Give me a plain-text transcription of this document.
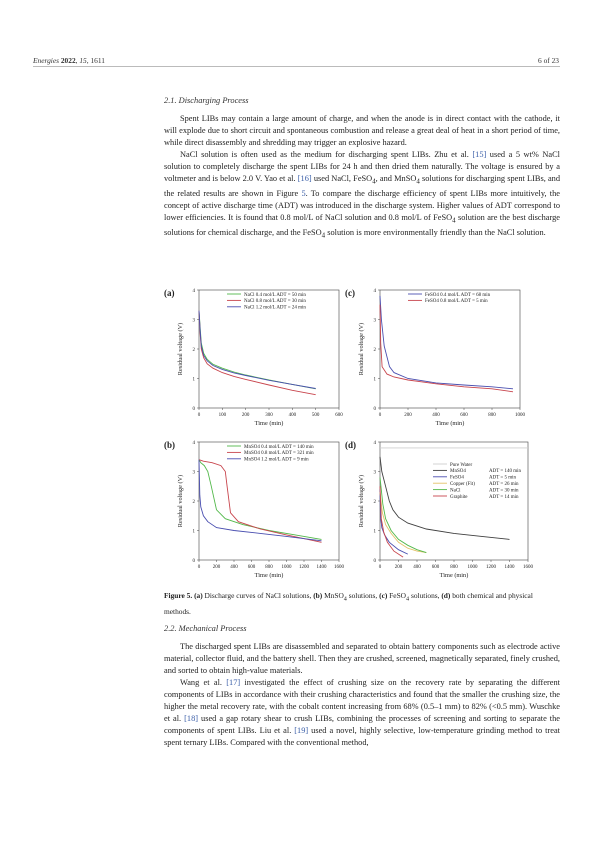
Energies 2022, 15, 1611	6 of 23
2.1. Discharging Process

Spent LIBs may contain a large amount of charge, and when the anode is in direct contact with the cathode, it will explode due to short circuit and spontaneous combustion and release a great deal of heat in a short period of time, while direct disassembly and shredding may trigger an explosive hazard.

NaCl solution is often used as the medium for discharging spent LIBs. Zhu et al. [15] used a 5 wt% NaCl solution to completely discharge the spent LIBs for 24 h and then dried them naturally. The voltage is ensured by a voltmeter and is below 2.0 V. Yao et al. [16] used NaCl, FeSO$_4$, and MnSO$_4$ solutions for discharging spent LIBs, and the related results are shown in Figure 5. To compare the discharge efficiency of spent LIBs more intuitively, the concept of active discharge time (ADT) was introduced in the discharge system. Higher values of ADT correspond to lower efficiencies. It is found that 0.8 mol/L of NaCl solution and 0.8 mol/L of FeSO$_4$ solution are the best discharge solutions for chemical discharge, and the FeSO$_4$ solution is more environmentally friendly than the NaCl solution.

(a)
0	100	200	300	400	500	600
0
1
2
3
4
Time (min)
Residual voltage (V)
NaCl 0.4 mol/L ADT = 50 min
NaCl 0.8 mol/L ADT = 30 min
NaCl 1.2 mol/L ADT = 24 min
(b)
0	200 400 600 800 1000 1200 1400 1600
0
1
2
3
4
Time (min)
Residual voltage (V)
MnSO4 0.4 mol/L ADT = 140 min
MnSO4 0.8 mol/L ADT = 321 min
MnSO4 1.2 mol/L ADT = 9 min
(c)
0	200	400	600	800	1000
0
1
2
3
4
Time (min)
Residual voltage (V)
FeSO4 0.4 mol/L ADT = 68 min
FeSO4 0.8 mol/L ADT = 5 min
(d)
0	200 400 600 800 1000 1200 1400 1600
0
1
2
3
4
Time (min)
Residual voltage (V)
Pure Water
MnSO4	ADT = 140 min
FeSO4	ADT = 5 min
Copper (Fit)	ADT = 26 min
NaCl	ADT = 30 min
Graphite	ADT = 14 min
Figure 5. (a) Discharge curves of NaCl solutions, (b) MnSO$_4$ solutions, (c) FeSO$_4$ solutions, (d) both chemical and physical methods.
2.2. Mechanical Process

The discharged spent LIBs are disassembled and separated to obtain battery components such as electrode active material, collector fluid, and the battery shell. Then they are crushed, screened, magnetically separated, finely crushed, and sorted to obtain high-value materials.

Wang et al. [17] investigated the effect of crushing size on the recovery rate by separating the different components of LIBs in accordance with their crushing characteristics and found that the smaller the crushing size, the higher the metal recovery rate, with the cobalt content increasing from 68% (0.5–1 mm) to 82% (<0.5 mm). Wuschke et al. [18] used a gap rotary shear to crush LIBs, combining the processes of screening and sorting to separate the components of spent LIBs. Liu et al. [19] used a novel, highly selective, low-temperature grinding method to treat spent ternary LIBs. Compared with the conventional method,
